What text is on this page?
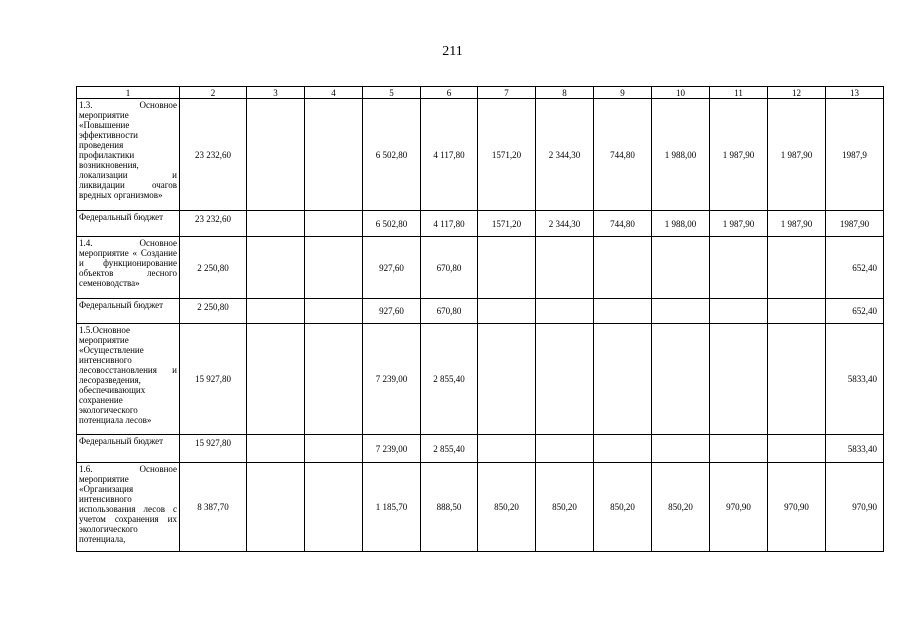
211
1	2	3	4	5	6	7	8	9	10	11	12	13
1.3. Основное мероприятие «Повышение эффективности проведения профилактики возникновения, локализации и ликвидации очагов вредных организмов»	23 232,60			6 502,80	4 117,80	1571,20	2 344,30	744,80	1 988,00	1 987,90	1 987,90	1987,9
Федеральный бюджет	23 232,60			6 502,80	4 117,80	1571,20	2 344,30	744,80	1 988,00	1 987,90	1 987,90	1987,90
1.4. Основное мероприятие « Создание и функционирование объектов лесного семеноводства»	2 250,80			927,60	670,80							652,40
Федеральный бюджет	2 250,80			927,60	670,80							652,40
1.5.Основное мероприятие «Осуществление интенсивного лесовосстановления и лесоразведения, обеспечивающих сохранение экологического потенциала лесов»	15 927,80			7 239,00	2 855,40							5833,40
Федеральный бюджет	15 927,80			7 239,00	2 855,40							5833,40
1.6. Основное мероприятие «Организация интенсивного использования лесов с учетом сохранения их экологического потенциала,	8 387,70			1 185,70	888,50	850,20	850,20	850,20	850,20	970,90	970,90	970,90
